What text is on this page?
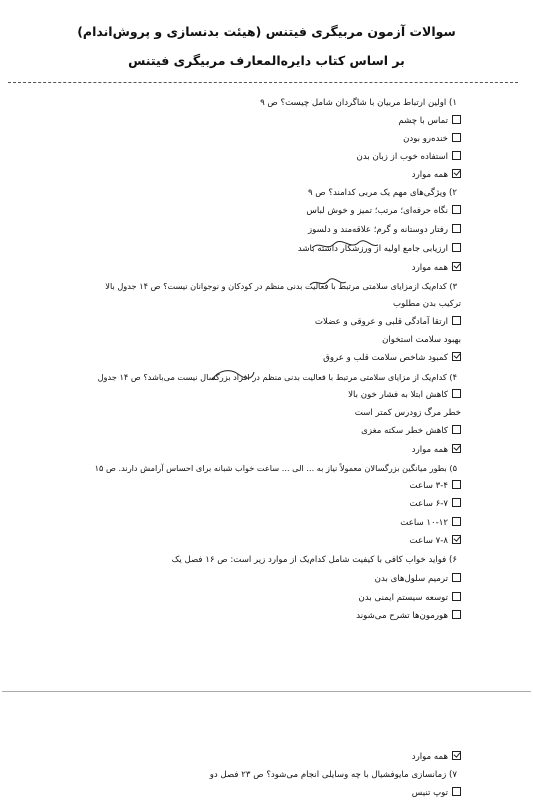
سوالات آزمون مربیگری فیتنس (هیئت بدنسازی و پروش‌اندام)
بر اساس کتاب دایره‌المعارف مربیگری فیتنس
۱) اولین ارتباط مربیان با شاگردان شامل چیست؟ ص ۹
تماس با چشم
خنده‌رو بودن
استفاده خوب از زبان بدن
همه موارد
۲) ویژگی‌های مهم یک مربی کدامند؟ ص ۹
نگاه حرفه‌ای؛ مرتب؛ تمیز و خوش لباس
رفتار دوستانه و گرم؛ علاقه‌مند و دلسوز
ارزیابی جامع اولیه از ورزشکار داشته باشد
همه موارد
۳) کدام‌یک ازمزایای سلامتی مرتبط با فعالیت بدنی منظم در کودکان و نوجوانان نیست؟ ص ۱۴ جدول بالا
ترکیب بدن مطلوب
ارتقا آمادگی قلبی و عروقی و عضلات
بهبود سلامت استخوان
کمبود شاخص سلامت قلب و عروق
۴) کدام‌یک از مزایای سلامتی مرتبط با فعالیت بدنی منظم در افراد بزرگسال نیست می‌باشد؟ ص ۱۴ جدول
کاهش ابتلا به فشار خون بالا
خطر مرگ زودرس کمتر است
کاهش خطر سکته مغزی
همه موارد
۵) بطور میانگین بزرگسالان معمولاً نیاز به ... الی ... ساعت خواب شبانه برای احساس آرامش دارند. ص ۱۵
۳-۴ ساعت
۶-۷ ساعت
۱۰-۱۲ ساعت
۷-۸ ساعت
۶) فواید خواب کافی با کیفیت شامل کدام‌یک از موارد زیر است: ص ۱۶ فصل یک
ترمیم سلول‌های بدن
توسعه سیستم ایمنی بدن
هورمون‌ها تشرح می‌شوند
همه موارد
۷) زمانسازی مایوفشیال با چه وسایلی انجام می‌شود؟ ص ۲۳ فصل دو
توپ تنیس
